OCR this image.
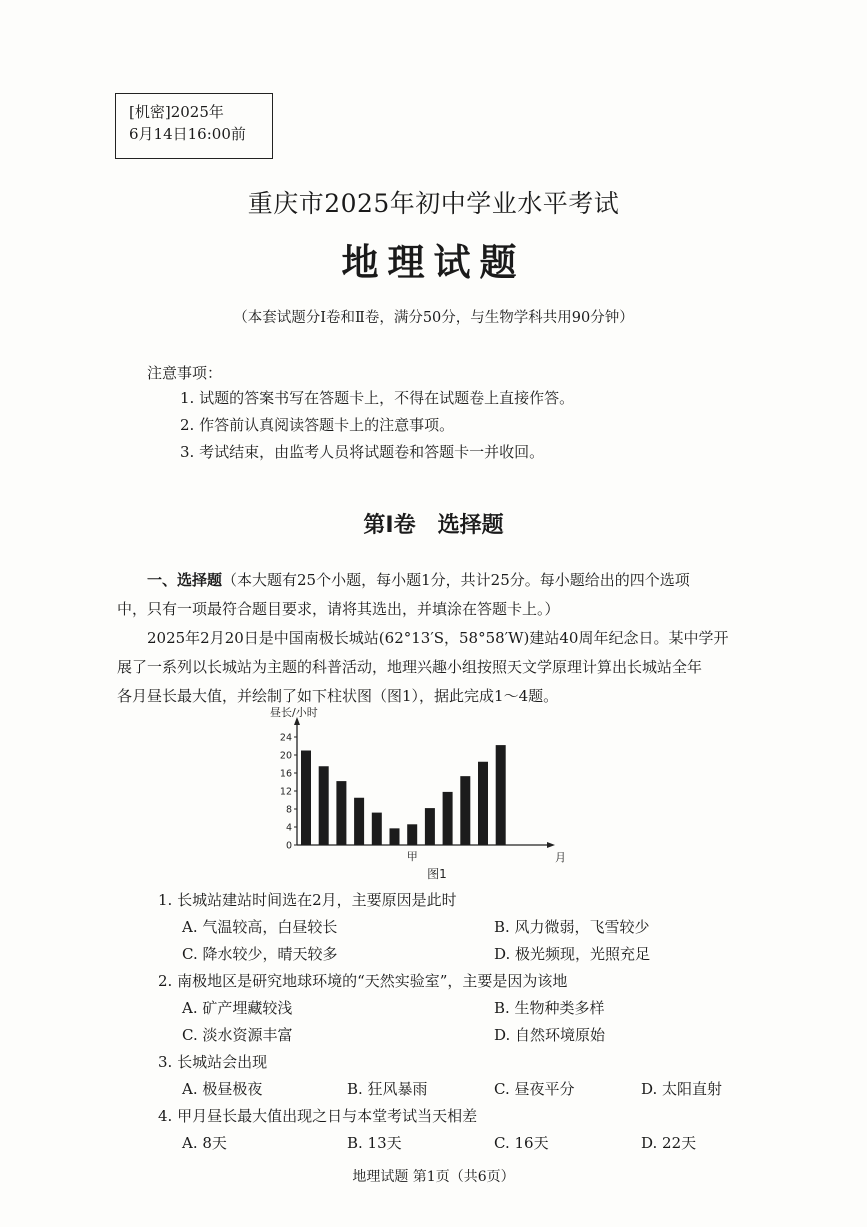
[机密]2025年
6月14日16:00前
重庆市2025年初中学业水平考试
地理试题
（本套试题分Ⅰ卷和Ⅱ卷，满分50分，与生物学科共用90分钟）
注意事项：
1. 试题的答案书写在答题卡上，不得在试题卷上直接作答。
2. 作答前认真阅读答题卡上的注意事项。
3. 考试结束，由监考人员将试题卷和答题卡一并收回。
第Ⅰ卷　选择题
一、选择题（本大题有25个小题，每小题1分，共计25分。每小题给出的四个选项
中，只有一项最符合题目要求，请将其选出，并填涂在答题卡上。）
2025年2月20日是中国南极长城站(62°13′S，58°58′W)建站40周年纪念日。某中学开
展了一系列以长城站为主题的科普活动，地理兴趣小组按照天文学原理计算出长城站全年
各月昼长最大值，并绘制了如下柱状图（图1），据此完成1～4题。
昼长/小时
0
4
8
12
16
20
24
甲	月
图1
1. 长城站建站时间选在2月，主要原因是此时
A. 气温较高，白昼较长	B. 风力微弱，飞雪较少
C. 降水较少，晴天较多	D. 极光频现，光照充足
2. 南极地区是研究地球环境的“天然实验室”，主要是因为该地
A. 矿产埋藏较浅	B. 生物种类多样
C. 淡水资源丰富	D. 自然环境原始
3. 长城站会出现
A. 极昼极夜	B. 狂风暴雨	C. 昼夜平分	D. 太阳直射
4. 甲月昼长最大值出现之日与本堂考试当天相差
A. 8天	B. 13天	C. 16天	D. 22天
地理试题 第1页（共6页）
